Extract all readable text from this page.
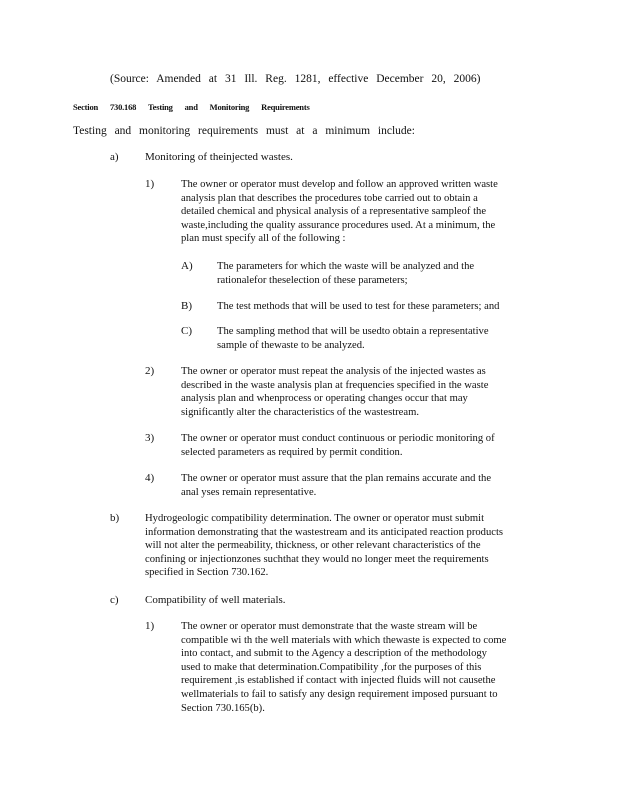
(Source: Amended at 31 Ill. Reg. 1281, effective December 20, 2006)
Section 730.168 Testing and Monitoring Requirements
Testing and monitoring requirements must at a minimum include:
a) Monitoring of theinjected wastes.
1)	The owner or operator must develop and follow an approved written waste
analysis plan that describes the procedures tobe carried out to obtain a
detailed chemical and physical analysis of a representative sampleof the
waste,including the quality assurance procedures used. At a minimum, the
plan must specify all of the following :
A) The parameters for which the waste will be analyzed and the
rationalefor theselection of these parameters;
B) The test methods that will be used to test for these parameters; and
C) The sampling method that will be usedto obtain a representative
sample of thewaste to be analyzed.
2)	The owner or operator must repeat the analysis of the injected wastes as
described in the waste analysis plan at frequencies specified in the waste
analysis plan and whenprocess or operating changes occur that may
significantly alter the characteristics of the wastestream.
3)	The owner or operator must conduct continuous or periodic monitoring of
selected parameters as required by permit condition.
4)	The owner or operator must assure that the plan remains accurate and the
anal yses remain representative.
b) Hydrogeologic compatibility determination. The owner or operator must submit
information demonstrating that the wastestream and its anticipated reaction products
will not alter the permeability, thickness, or other relevant characteristics of the
confining or injectionzones suchthat they would no longer meet the requirements
specified in Section 730.162.
c) Compatibility of well materials.
1)	The owner or operator must demonstrate that the waste stream will be
compatible wi th the well materials with which thewaste is expected to come
into contact, and submit to the Agency a description of the methodology
used to make that determination.Compatibility ,for the purposes of this
requirement ,is established if contact with injected fluids will not causethe
wellmaterials to fail to satisfy any design requirement imposed pursuant to
Section 730.165(b).
